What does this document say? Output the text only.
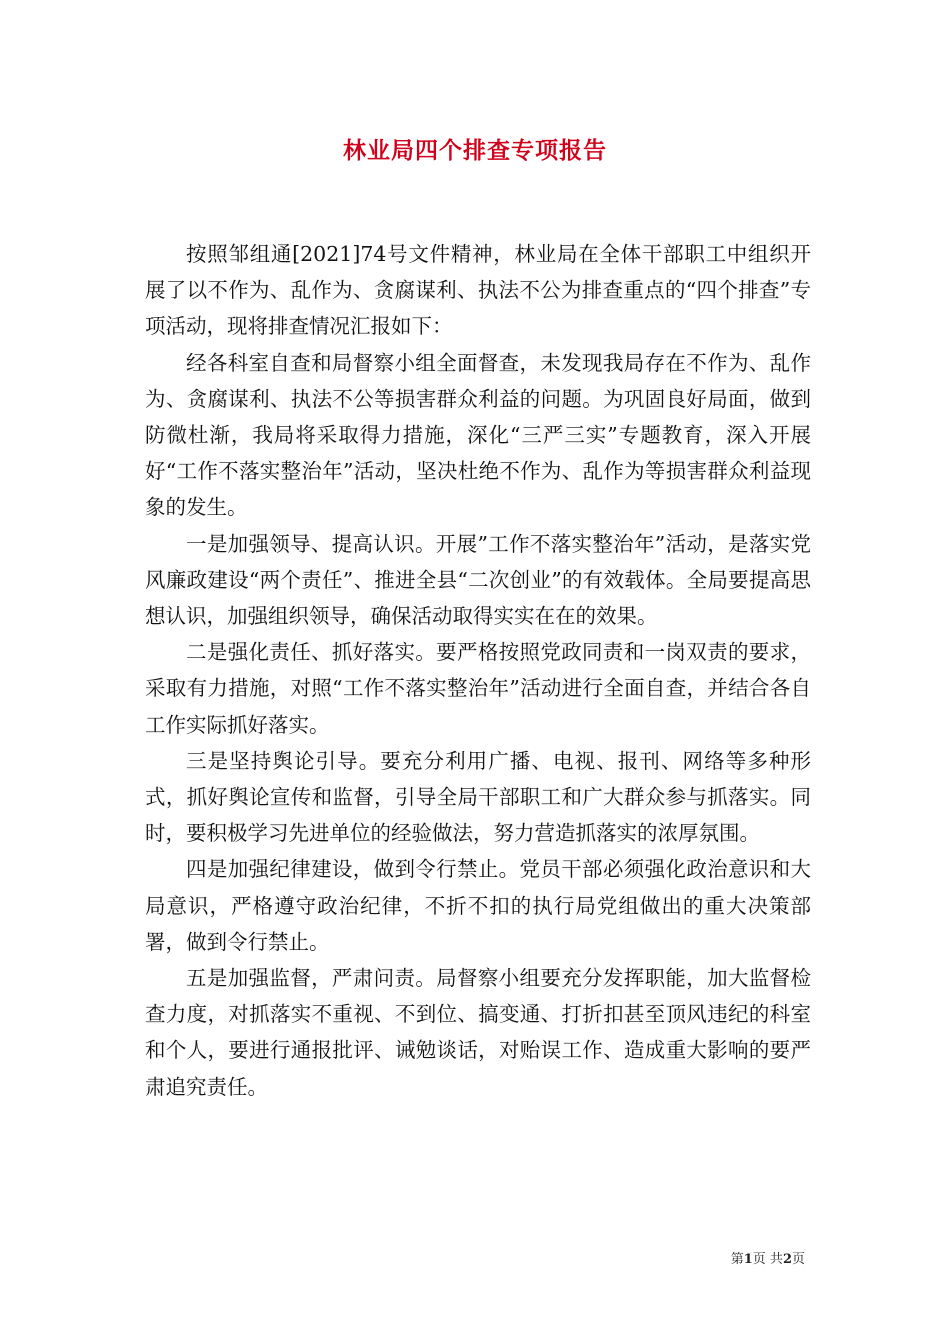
林业局四个排查专项报告

按照邹组通[2021]74号文件精神，林业局在全体干部职工中组织开展了以不作为、乱作为、贪腐谋利、执法不公为排查重点的“四个排查”专项活动，现将排查情况汇报如下：

经各科室自查和局督察小组全面督查，未发现我局存在不作为、乱作为、贪腐谋利、执法不公等损害群众利益的问题。为巩固良好局面，做到防微杜渐，我局将采取得力措施，深化“三严三实”专题教育，深入开展好“工作不落实整治年”活动，坚决杜绝不作为、乱作为等损害群众利益现象的发生。

一是加强领导、提高认识。开展”工作不落实整治年”活动，是落实党风廉政建设“两个责任”、推进全县“二次创业”的有效载体。全局要提高思想认识，加强组织领导，确保活动取得实实在在的效果。

二是强化责任、抓好落实。要严格按照党政同责和一岗双责的要求，采取有力措施，对照“工作不落实整治年”活动进行全面自查，并结合各自工作实际抓好落实。

三是坚持舆论引导。要充分利用广播、电视、报刊、网络等多种形式，抓好舆论宣传和监督，引导全局干部职工和广大群众参与抓落实。同时，要积极学习先进单位的经验做法，努力营造抓落实的浓厚氛围。

四是加强纪律建设，做到令行禁止。党员干部必须强化政治意识和大局意识，严格遵守政治纪律，不折不扣的执行局党组做出的重大决策部署，做到令行禁止。

五是加强监督，严肃问责。局督察小组要充分发挥职能，加大监督检查力度，对抓落实不重视、不到位、搞变通、打折扣甚至顶风违纪的科室和个人，要进行通报批评、诫勉谈话，对贻误工作、造成重大影响的要严肃追究责任。

第1页 共2页
